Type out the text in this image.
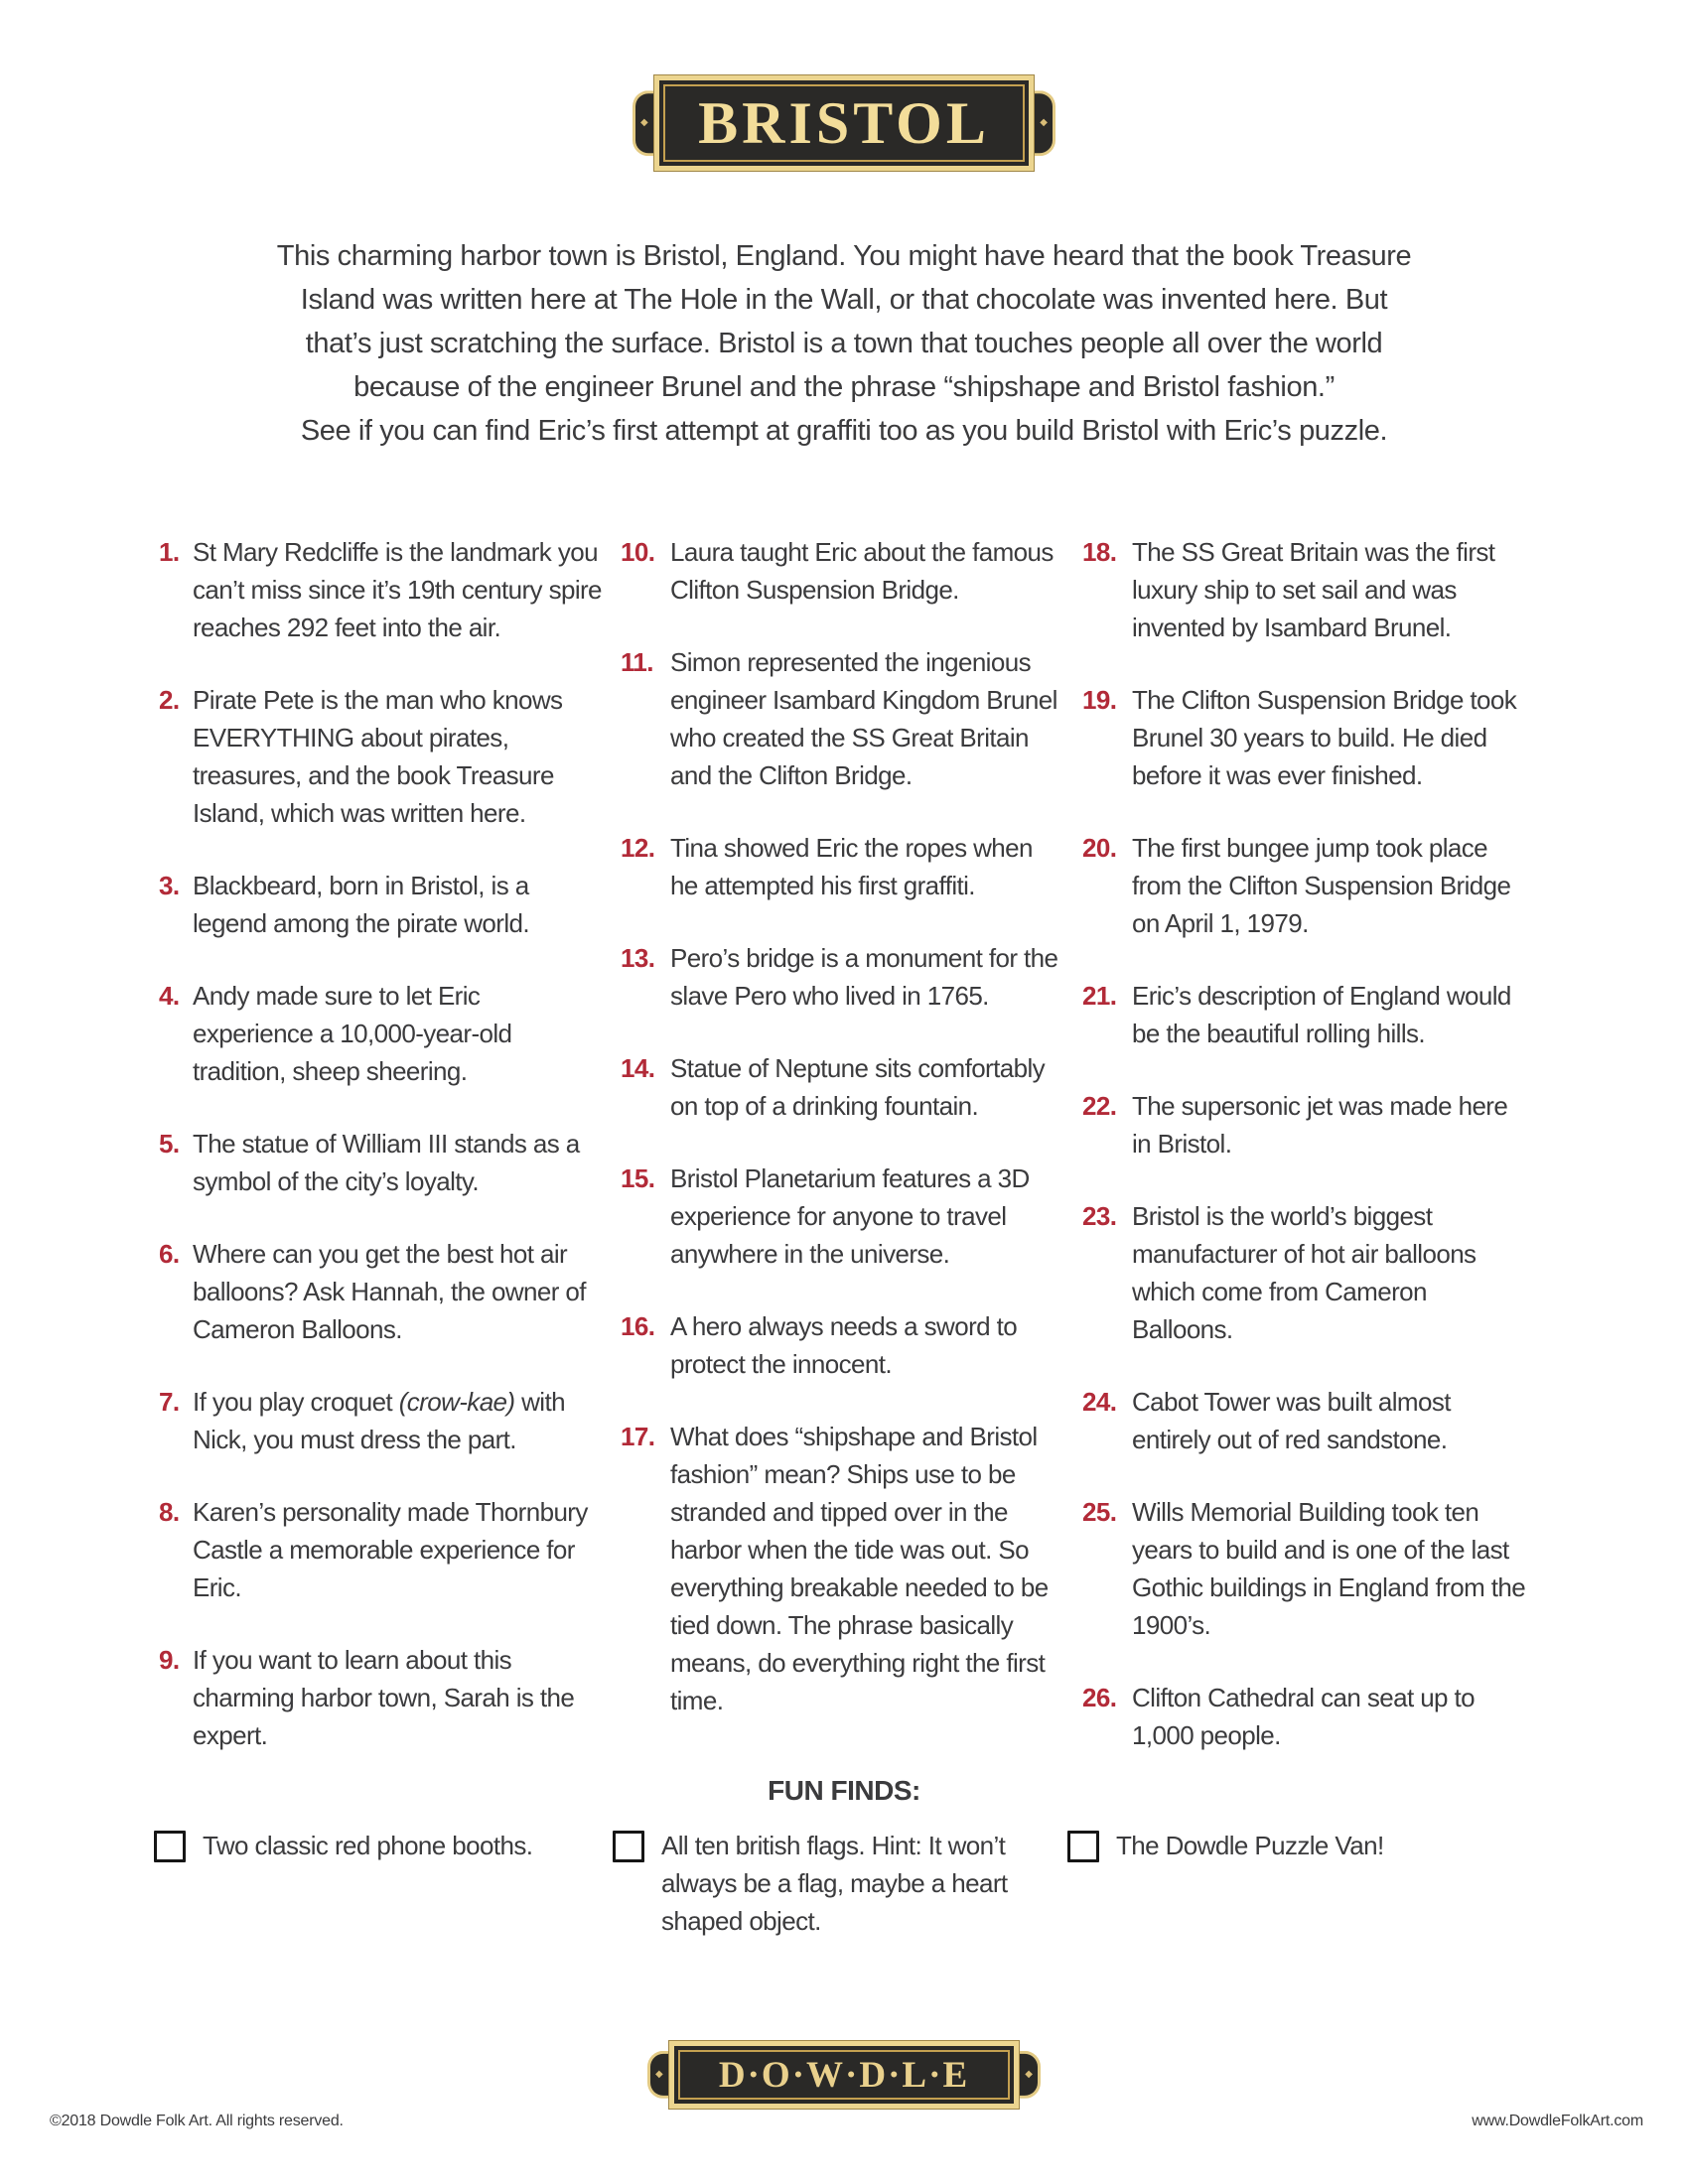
◆	◆
BRISTOL
This charming harbor town is Bristol, England. You might have heard that the book Treasure
Island was written here at The Hole in the Wall, or that chocolate was invented here. But
that’s just scratching the surface. Bristol is a town that touches people all over the world
because of the engineer Brunel and the phrase “shipshape and Bristol fashion.”
See if you can find Eric’s first attempt at graffiti too as you build Bristol with Eric’s puzzle.
1. St Mary Redcliffe is the landmark you can’t miss since it’s 19th century spire reaches 292 feet into the air.
2. Pirate Pete is the man who knows EVERYTHING about pirates, treasures, and the book Treasure Island, which was written here.
3. Blackbeard, born in Bristol, is a legend among the pirate world.
4. Andy made sure to let Eric experience a 10,000-year-old tradition, sheep sheering.
5. The statue of William III stands as a symbol of the city’s loyalty.
6. Where can you get the best hot air balloons? Ask Hannah, the owner of Cameron Balloons.
7. If you play croquet (crow-kae) with Nick, you must dress the part.
8. Karen’s personality made Thornbury Castle a memorable experience for Eric.
9. If you want to learn about this charming harbor town, Sarah is the expert.
10. Laura taught Eric about the famous Clifton Suspension Bridge.
11. Simon represented the ingenious engineer Isambard Kingdom Brunel who created the SS Great Britain and the Clifton Bridge.
12. Tina showed Eric the ropes when he attempted his first graffiti.
13. Pero’s bridge is a monument for the slave Pero who lived in 1765.
14. Statue of Neptune sits comfortably on top of a drinking fountain.
15. Bristol Planetarium features a 3D experience for anyone to travel anywhere in the universe.
16. A hero always needs a sword to protect the innocent.
17. What does “shipshape and Bristol fashion” mean? Ships use to be stranded and tipped over in the harbor when the tide was out. So everything breakable needed to be tied down. The phrase basically means, do everything right the first time.
18. The SS Great Britain was the first luxury ship to set sail and was invented by Isambard Brunel.
19. The Clifton Suspension Bridge took Brunel 30 years to build. He died before it was ever finished.
20. The first bungee jump took place from the Clifton Suspension Bridge on April 1, 1979.
21. Eric’s description of England would be the beautiful rolling hills.
22. The supersonic jet was made here in Bristol.
23. Bristol is the world’s biggest manufacturer of hot air balloons which come from Cameron Balloons.
24. Cabot Tower was built almost entirely out of red sandstone.
25. Wills Memorial Building took ten years to build and is one of the last Gothic buildings in England from the 1900’s.
26. Clifton Cathedral can seat up to 1,000 people.
FUN FINDS:
Two classic red phone booths.	All ten british flags. Hint: It won’t always be a flag, maybe a heart shaped object.
The Dowdle Puzzle Van!
◆	◆
D·O·W·D·L·E
©2018 Dowdle Folk Art. All rights reserved.	www.DowdleFolkArt.com
